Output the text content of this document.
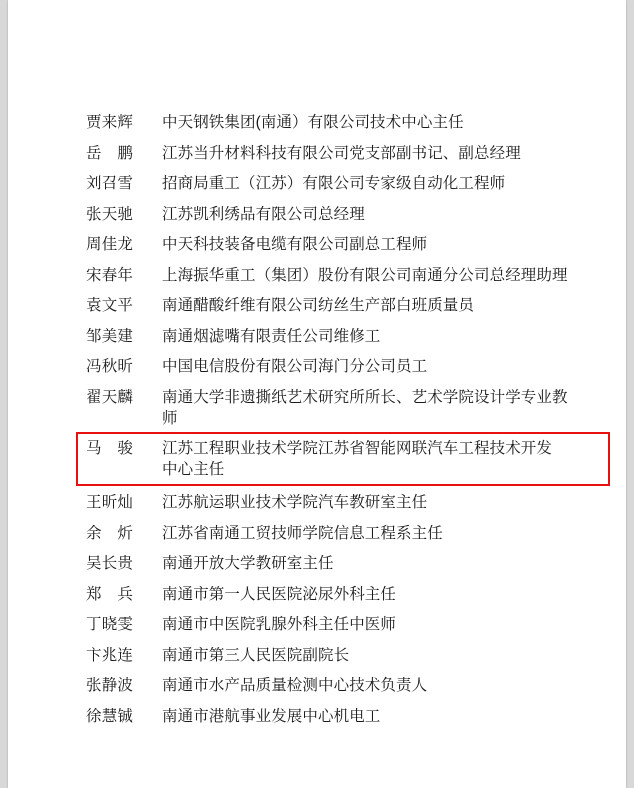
贾来辉	中天钢铁集团(南通）有限公司技术中心主任
岳　鹏	江苏当升材料科技有限公司党支部副书记、副总经理
刘召雪	招商局重工（江苏）有限公司专家级自动化工程师
张天驰	江苏凯利绣品有限公司总经理
周佳龙	中天科技装备电缆有限公司副总工程师
宋春年	上海振华重工（集团）股份有限公司南通分公司总经理助理
袁文平	南通醋酸纤维有限公司纺丝生产部白班质量员
邹美建	南通烟滤嘴有限责任公司维修工
冯秋昕	中国电信股份有限公司海门分公司员工
翟天麟	南通大学非遗撕纸艺术研究所所长、艺术学院设计学专业教
师
马　骏	江苏工程职业技术学院江苏省智能网联汽车工程技术开发
中心主任
王昕灿	江苏航运职业技术学院汽车教研室主任
余　炘	江苏省南通工贸技师学院信息工程系主任
吴长贵	南通开放大学教研室主任
郑　兵	南通市第一人民医院泌尿外科主任
丁晓雯	南通市中医院乳腺外科主任中医师
卞兆连	南通市第三人民医院副院长
张静波	南通市水产品质量检测中心技术负责人
徐慧铖	南通市港航事业发展中心机电工
